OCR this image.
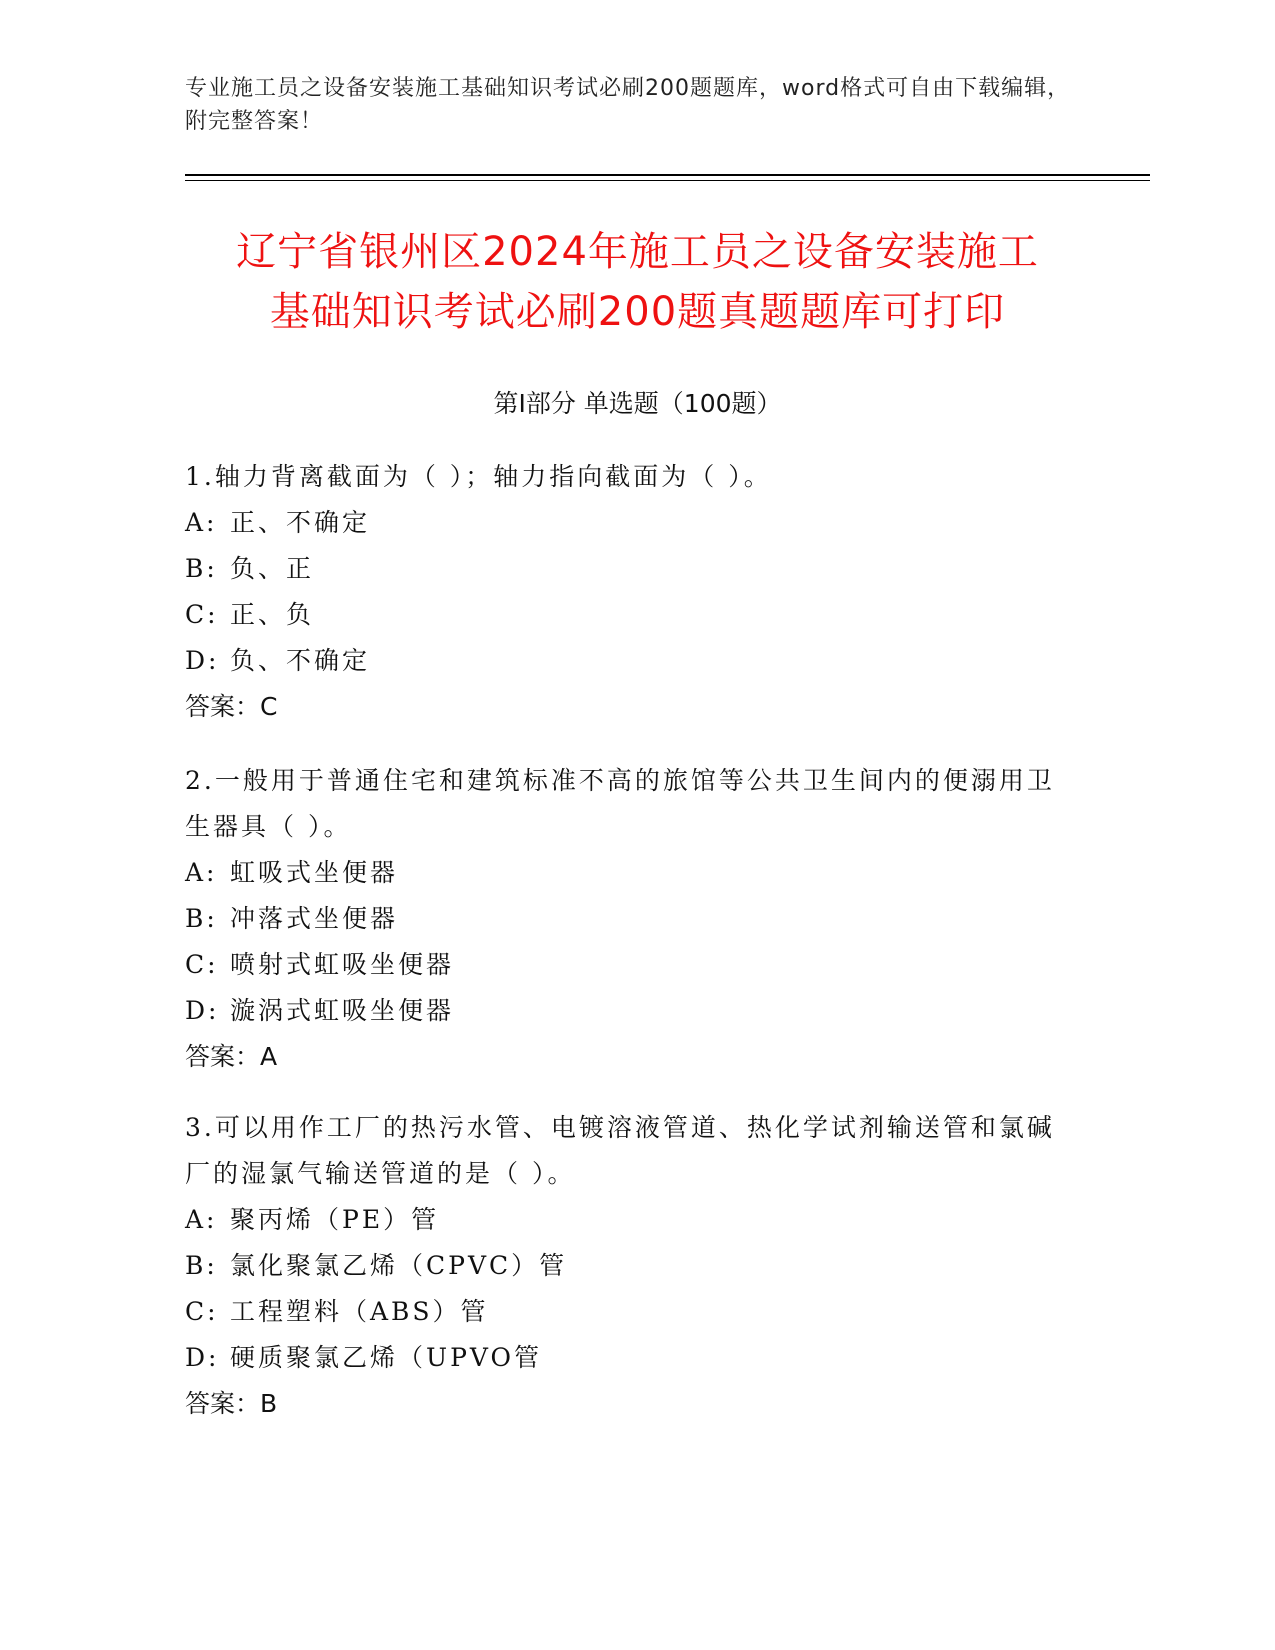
专业施工员之设备安装施工基础知识考试必刷200题题库，word格式可自由下载编辑，附完整答案！
辽宁省银州区2024年施工员之设备安装施工
基础知识考试必刷200题真题题库可打印
第Ⅰ部分 单选题（100题）

1.轴力背离截面为（ ）；轴力指向截面为（ ）。

A: 正、不确定

B: 负、正

C: 正、负

D: 负、不确定

答案：C

2.一般用于普通住宅和建筑标准不高的旅馆等公共卫生间内的便溺用卫生器具（ ）。

A: 虹吸式坐便器

B: 冲落式坐便器

C: 喷射式虹吸坐便器

D: 漩涡式虹吸坐便器

答案：A

3.可以用作工厂的热污水管、电镀溶液管道、热化学试剂输送管和氯碱厂的湿氯气输送管道的是（ ）。

A: 聚丙烯（PE）管

B: 氯化聚氯乙烯（CPVC）管

C: 工程塑料（ABS）管

D: 硬质聚氯乙烯（UPVO管

答案：B
